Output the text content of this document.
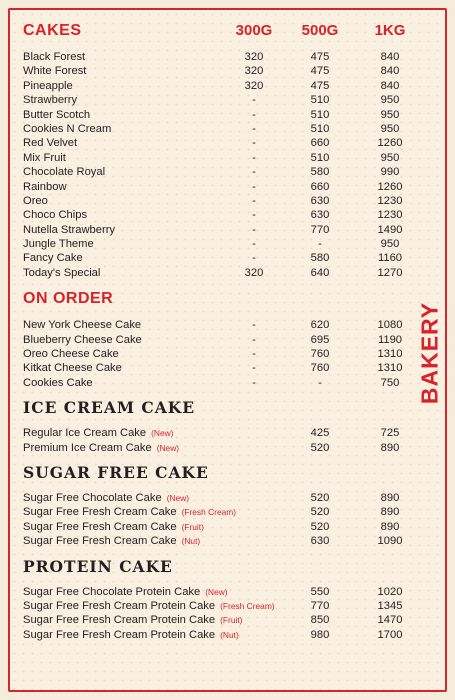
BAKERY
CAKES	300G	500G	1KG
Black Forest	320	475	840
White Forest	320	475	840
Pineapple	320	475	840
Strawberry	-	510	950
Butter Scotch	-	510	950
Cookies N Cream	-	510	950
Red Velvet	-	660	1260
Mix Fruit	-	510	950
Chocolate Royal	-	580	990
Rainbow	-	660	1260
Oreo	-	630	1230
Choco Chips	-	630	1230
Nutella Strawberry	-	770	1490
Jungle Theme	-	-	950
Fancy Cake	-	580	1160
Today's Special	320	640	1270
ON ORDER
New York Cheese Cake	-	620	1080
Blueberry Cheese Cake	-	695	1190
Oreo Cheese Cake	-	760	1310
Kitkat Cheese Cake	-	760	1310
Cookies Cake	-	-	750
ICE CREAM CAKE
Regular Ice Cream Cake (New)	425	725
Premium Ice Cream Cake (New)	520	890
SUGAR FREE CAKE
Sugar Free Chocolate Cake (New)	520	890
Sugar Free Fresh Cream Cake (Fresh Cream)	520	890
Sugar Free Fresh Cream Cake (Fruit)	520	890
Sugar Free Fresh Cream Cake (Nut)	630	1090
PROTEIN CAKE
Sugar Free Chocolate Protein Cake (New)	550	1020
Sugar Free Fresh Cream Protein Cake (Fresh Cream)	770	1345
Sugar Free Fresh Cream Protein Cake (Fruit)	850	1470
Sugar Free Fresh Cream Protein Cake (Nut)	980	1700
